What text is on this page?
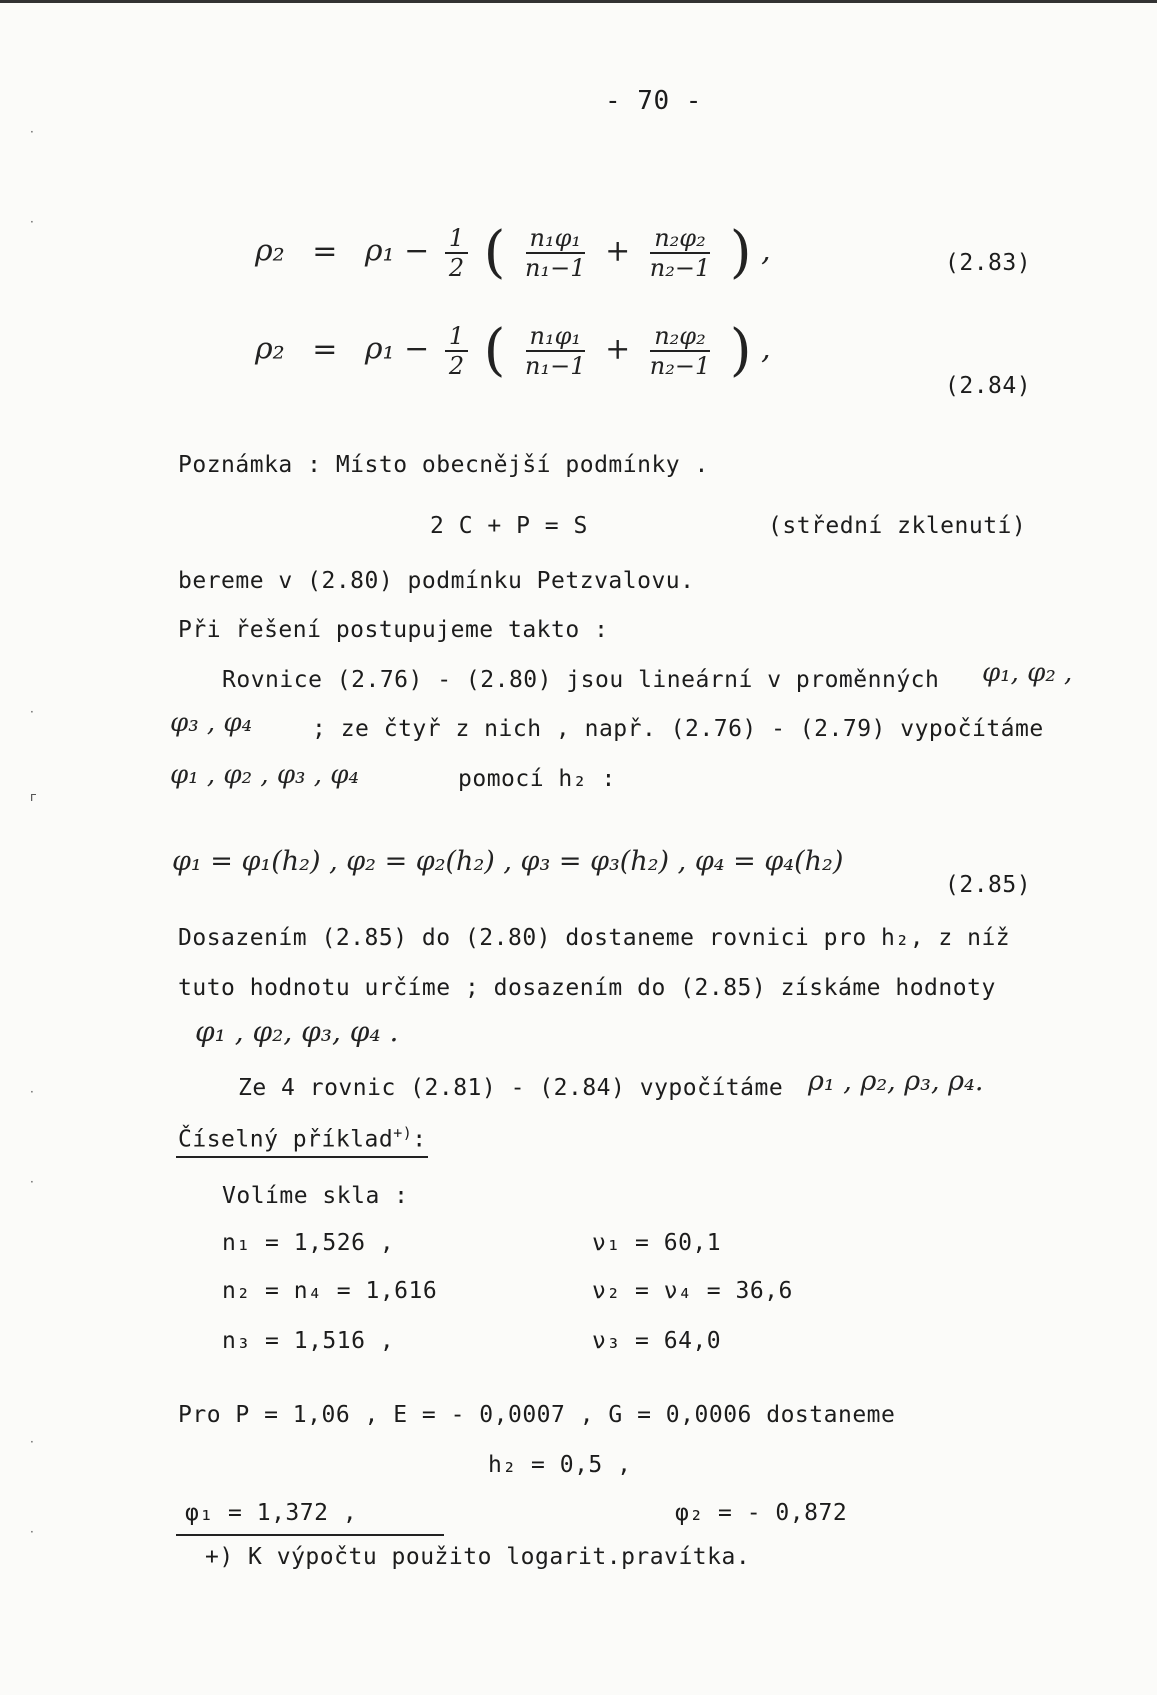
·
·
·
ᴦ
·
·
·
·
- 70 -
$\rho_2 = \rho_1 - \frac{1}{2}$ ( $\frac{\text{n₁φ₁}}{\text{n₁−1}} + \frac{\text{n₂φ₂}}{\text{n₂−1}}$ ) ,	(2.83)
$\rho_2 = \rho_1 - \frac{1}{2}$ ( $\frac{\text{n₁φ₁}}{\text{n₁−1}} + \frac{\text{n₂φ₂}}{\text{n₂−1}}$ ) ,
(2.84)
Poznámka : Místo obecnější podmínky .
2 C + P = S	(střední zklenutí)
bereme v (2.80) podmínku Petzvalovu.
Při řešení postupujeme takto :
Rovnice (2.76) - (2.80) jsou lineární v proměnných φ₁, φ₂ ,
φ₃ , φ₄	; ze čtyř z nich , např. (2.76) - (2.79) vypočítáme
φ₁ , φ₂ , φ₃ , φ₄	pomocí h₂ :
φ₁ = φ₁(h₂) , φ₂ = φ₂(h₂) , φ₃ = φ₃(h₂) , φ₄ = φ₄(h₂)
(2.85)
Dosazením (2.85) do (2.80) dostaneme rovnici pro h₂, z níž
tuto hodnotu určíme ; dosazením do (2.85) získáme hodnoty
φ₁ , φ₂, φ₃, φ₄ .
Ze 4 rovnic (2.81) - (2.84) vypočítáme ρ₁ , ρ₂, ρ₃, ρ₄.
Číselný příklad+):
Volíme skla :
n₁ = 1,526 ,	ν₁ = 60,1
n₂ = n₄ = 1,616	ν₂ = ν₄ = 36,6
n₃ = 1,516 ,	ν₃ = 64,0
Pro P = 1,06 , E = - 0,0007 , G = 0,0006 dostaneme
h₂ = 0,5 ,
φ₁ = 1,372 ,	φ₂ = - 0,872
+) K výpočtu použito logarit.pravítka.
